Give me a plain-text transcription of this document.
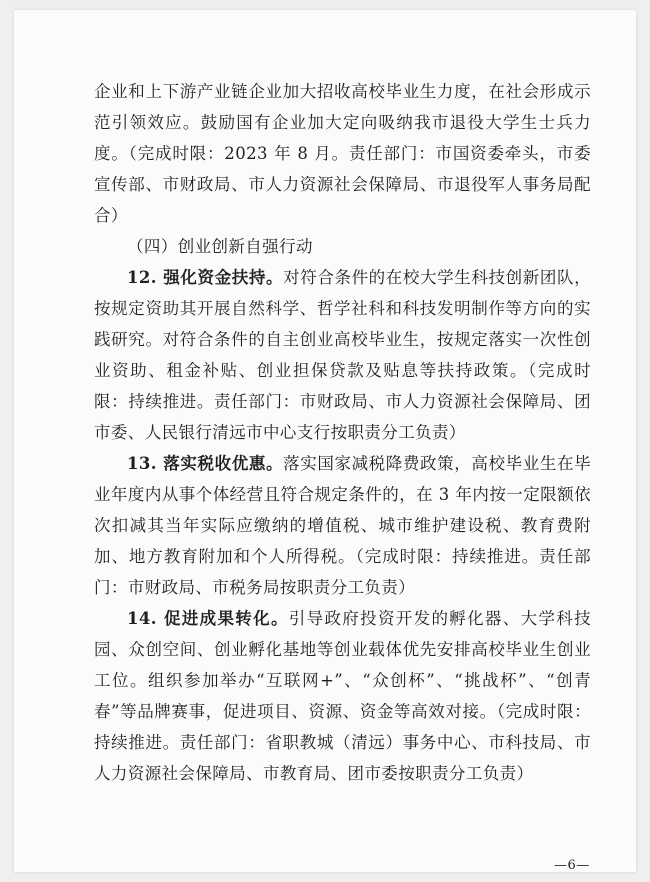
企业和上下游产业链企业加大招收高校毕业生力度，在社会形成示范引领效应。鼓励国有企业加大定向吸纳我市退役大学生士兵力度。（完成时限：2023 年 8 月。责任部门：市国资委牵头，市委宣传部、市财政局、市人力资源社会保障局、市退役军人事务局配合）

（四）创业创新自强行动

12. 强化资金扶持。对符合条件的在校大学生科技创新团队，按规定资助其开展自然科学、哲学社科和科技发明制作等方向的实践研究。对符合条件的自主创业高校毕业生，按规定落实一次性创业资助、租金补贴、创业担保贷款及贴息等扶持政策。（完成时限：持续推进。责任部门：市财政局、市人力资源社会保障局、团市委、人民银行清远市中心支行按职责分工负责）

13. 落实税收优惠。落实国家减税降费政策，高校毕业生在毕业年度内从事个体经营且符合规定条件的，在 3 年内按一定限额依次扣减其当年实际应缴纳的增值税、城市维护建设税、教育费附加、地方教育附加和个人所得税。（完成时限：持续推进。责任部门：市财政局、市税务局按职责分工负责）

14. 促进成果转化。引导政府投资开发的孵化器、大学科技园、众创空间、创业孵化基地等创业载体优先安排高校毕业生创业工位。组织参加举办“互联网+”、“众创杯”、“挑战杯”、“创青春”等品牌赛事，促进项目、资源、资金等高效对接。（完成时限：持续推进。责任部门：省职教城（清远）事务中心、市科技局、市人力资源社会保障局、市教育局、团市委按职责分工负责）

—6—
